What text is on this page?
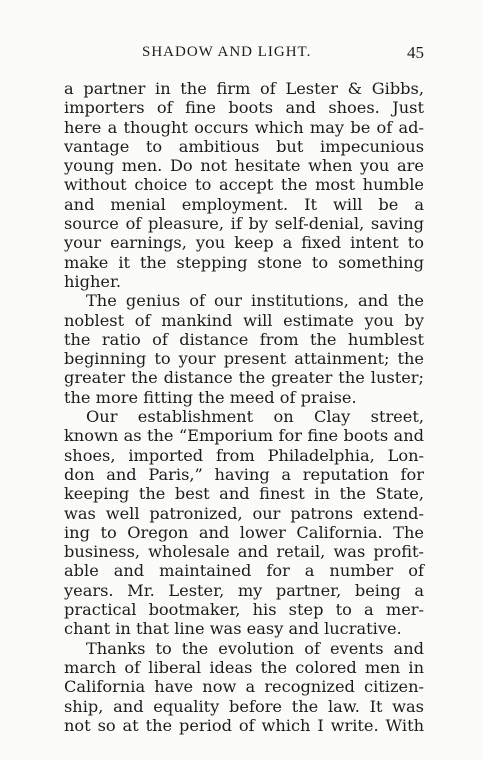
SHADOW AND LIGHT.	45
a partner in the firm of Lester & Gibbs,
importers of fine boots and shoes. Just
here a thought occurs which may be of ad-
vantage to ambitious but impecunious
young men. Do not hesitate when you are
without choice to accept the most humble
and menial employment. It will be a
source of pleasure, if by self-denial, saving
your earnings, you keep a fixed intent to
make it the stepping stone to something
higher.
The genius of our institutions, and the
noblest of mankind will estimate you by
the ratio of distance from the humblest
beginning to your present attainment; the
greater the distance the greater the luster;
the more fitting the meed of praise.
Our establishment on Clay street,
known as the “Emporium for fine boots and
shoes, imported from Philadelphia, Lon-
don and Paris,” having a reputation for
keeping the best and finest in the State,
was well patronized, our patrons extend-
ing to Oregon and lower California. The
business, wholesale and retail, was profit-
able and maintained for a number of
years. Mr. Lester, my partner, being a
practical bootmaker, his step to a mer-
chant in that line was easy and lucrative.
Thanks to the evolution of events and
march of liberal ideas the colored men in
California have now a recognized citizen-
ship, and equality before the law. It was
not so at the period of which I write. With
